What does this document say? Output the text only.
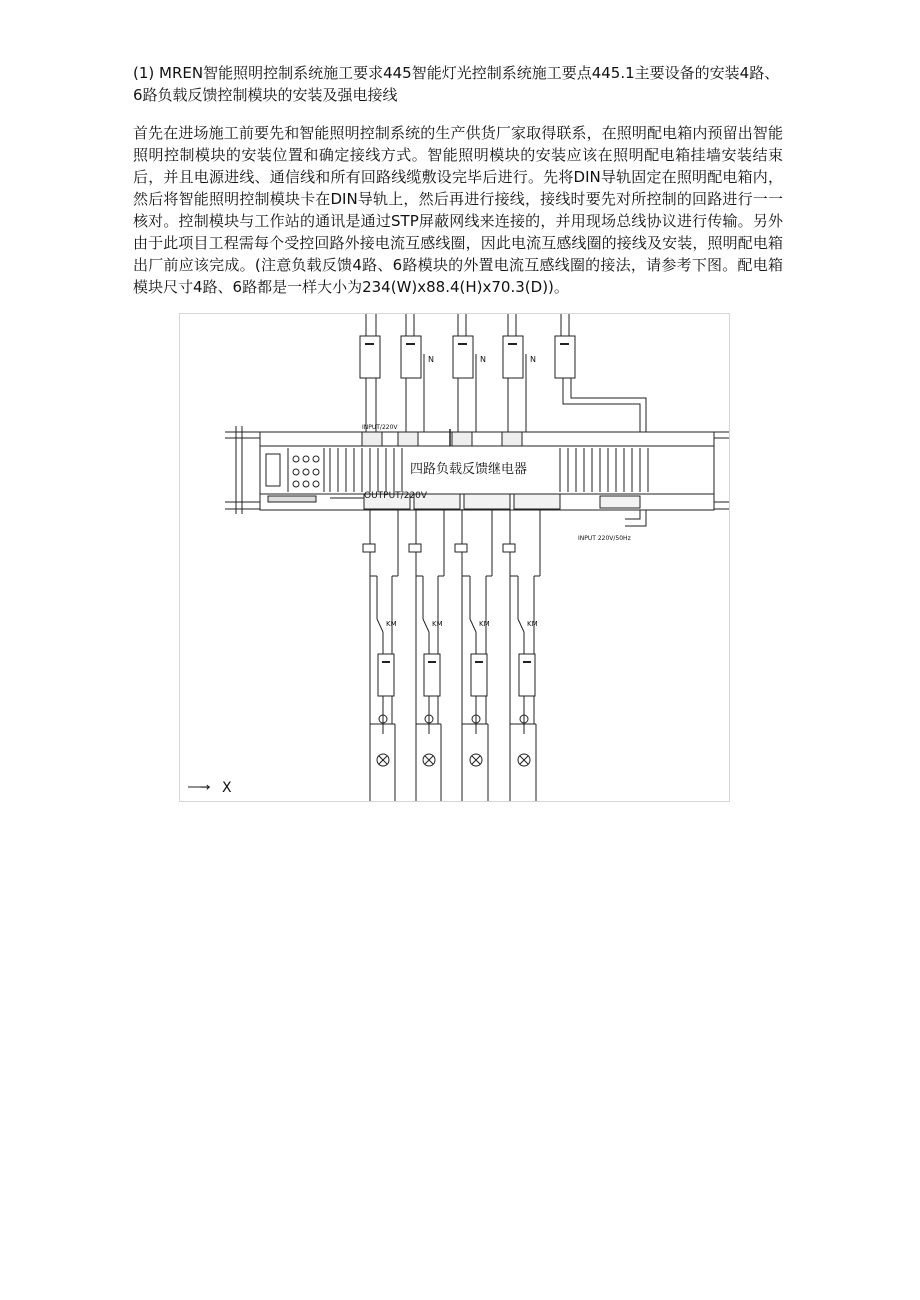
(1) MREN智能照明控制系统施工要求445智能灯光控制系统施工要点445.1主要设备的安装4路、6路负载反馈控制模块的安装及强电接线

首先在进场施工前要先和智能照明控制系统的生产供货厂家取得联系，在照明配电箱内预留出智能照明控制模块的安装位置和确定接线方式。智能照明模块的安装应该在照明配电箱挂墙安装结束后，并且电源进线、通信线和所有回路线缆敷设完毕后进行。先将DIN导轨固定在照明配电箱内，然后将智能照明控制模块卡在DIN导轨上，然后再进行接线，接线时要先对所控制的回路进行一一核对。控制模块与工作站的通讯是通过STP屏蔽网线来连接的，并用现场总线协议进行传输。另外由于此项目工程需每个受控回路外接电流互感线圈，因此电流互感线圈的接线及安装，照明配电箱出厂前应该完成。(注意负载反馈4路、6路模块的外置电流互感线圈的接法，请参考下图。配电箱模块尺寸4路、6路都是一样大小为234(W)x88.4(H)x70.3(D))。

N	N	N
四路负载反馈继电器
INPUT/220V
OUTPUT/220V
INPUT 220V/50Hz
KM	KM	KM	KM
→ X
